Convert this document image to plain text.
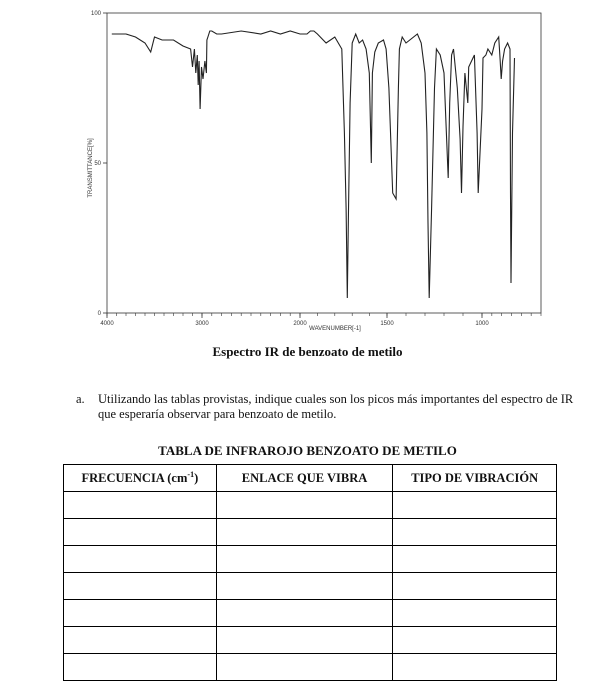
100
50
0
4000	3000	2000	1500	1000
TRANSMITTANCE[%]
WAVENUMBER[-1]
Espectro IR de benzoato de metilo
a. Utilizando las tablas provistas, indique cuales son los picos más importantes del espectro de IR que esperaría observar para benzoato de metilo.
TABLA DE INFRAROJO BENZOATO DE METILO
FRECUENCIA $(cm^{-1})$	ENLACE QUE VIBRA	TIPO DE VIBRACIÓN
